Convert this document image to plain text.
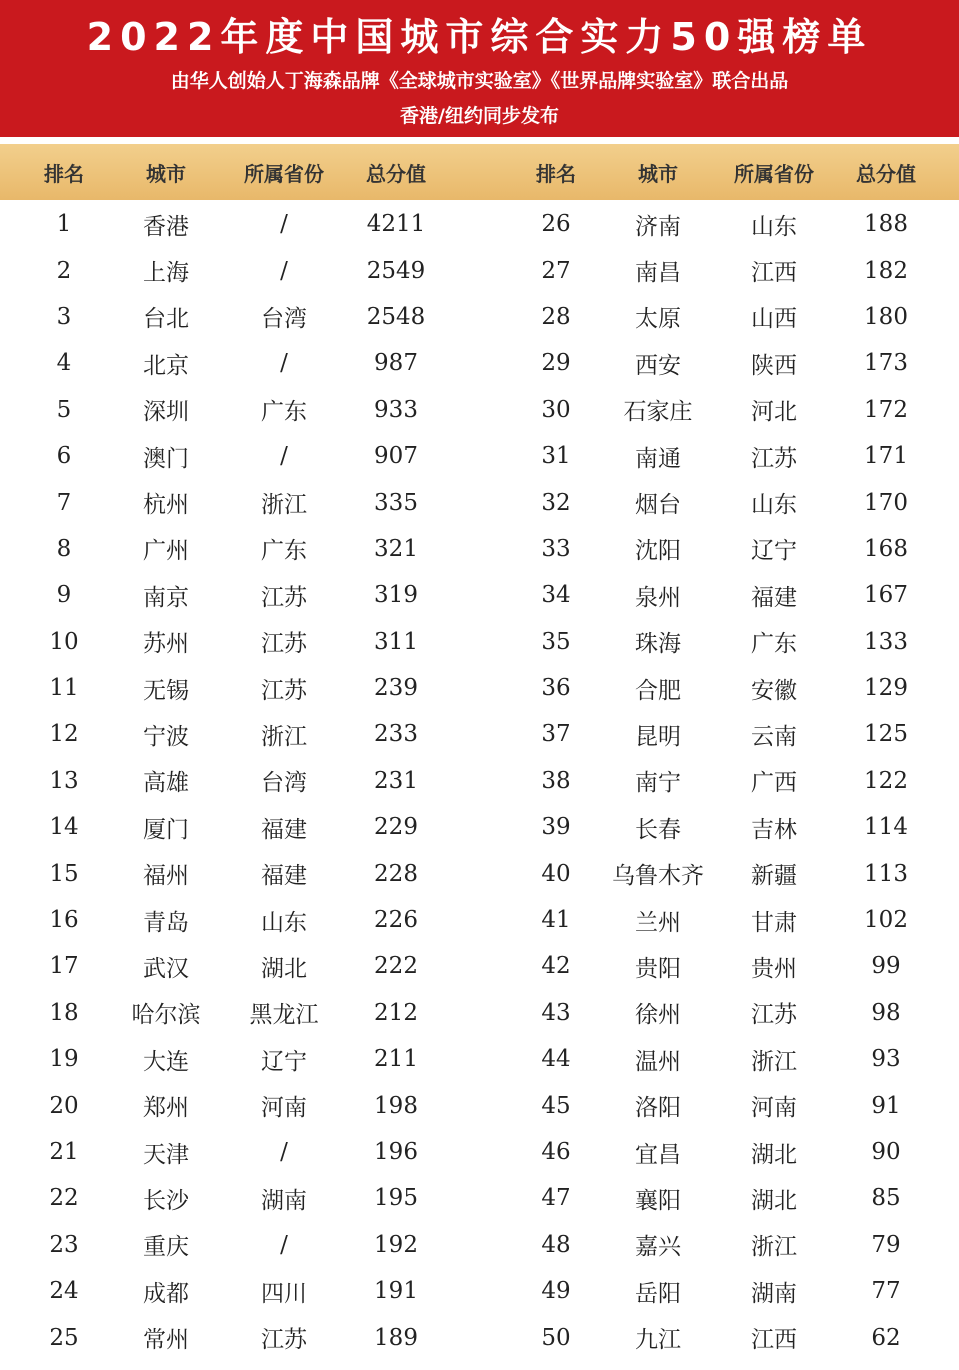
2022年度中国城市综合实力50强榜单
由华人创始人丁海森品牌《全球城市实验室》《世界品牌实验室》联合出品
香港/纽约同步发布
排名	城市	所属省份	总分值	排名	城市	所属省份	总分值
1	香港	/	4211	26	济南	山东	188
2	上海	/	2549	27	南昌	江西	182
3	台北	台湾	2548	28	太原	山西	180
4	北京	/	987	29	西安	陕西	173
5	深圳	广东	933	30	石家庄	河北	172
6	澳门	/	907	31	南通	江苏	171
7	杭州	浙江	335	32	烟台	山东	170
8	广州	广东	321	33	沈阳	辽宁	168
9	南京	江苏	319	34	泉州	福建	167
10	苏州	江苏	311	35	珠海	广东	133
11	无锡	江苏	239	36	合肥	安徽	129
12	宁波	浙江	233	37	昆明	云南	125
13	高雄	台湾	231	38	南宁	广西	122
14	厦门	福建	229	39	长春	吉林	114
15	福州	福建	228	40	乌鲁木齐	新疆	113
16	青岛	山东	226	41	兰州	甘肃	102
17	武汉	湖北	222	42	贵阳	贵州	99
18	哈尔滨	黑龙江	212	43	徐州	江苏	98
19	大连	辽宁	211	44	温州	浙江	93
20	郑州	河南	198	45	洛阳	河南	91
21	天津	/	196	46	宜昌	湖北	90
22	长沙	湖南	195	47	襄阳	湖北	85
23	重庆	/	192	48	嘉兴	浙江	79
24	成都	四川	191	49	岳阳	湖南	77
25	常州	江苏	189	50	九江	江西	62
